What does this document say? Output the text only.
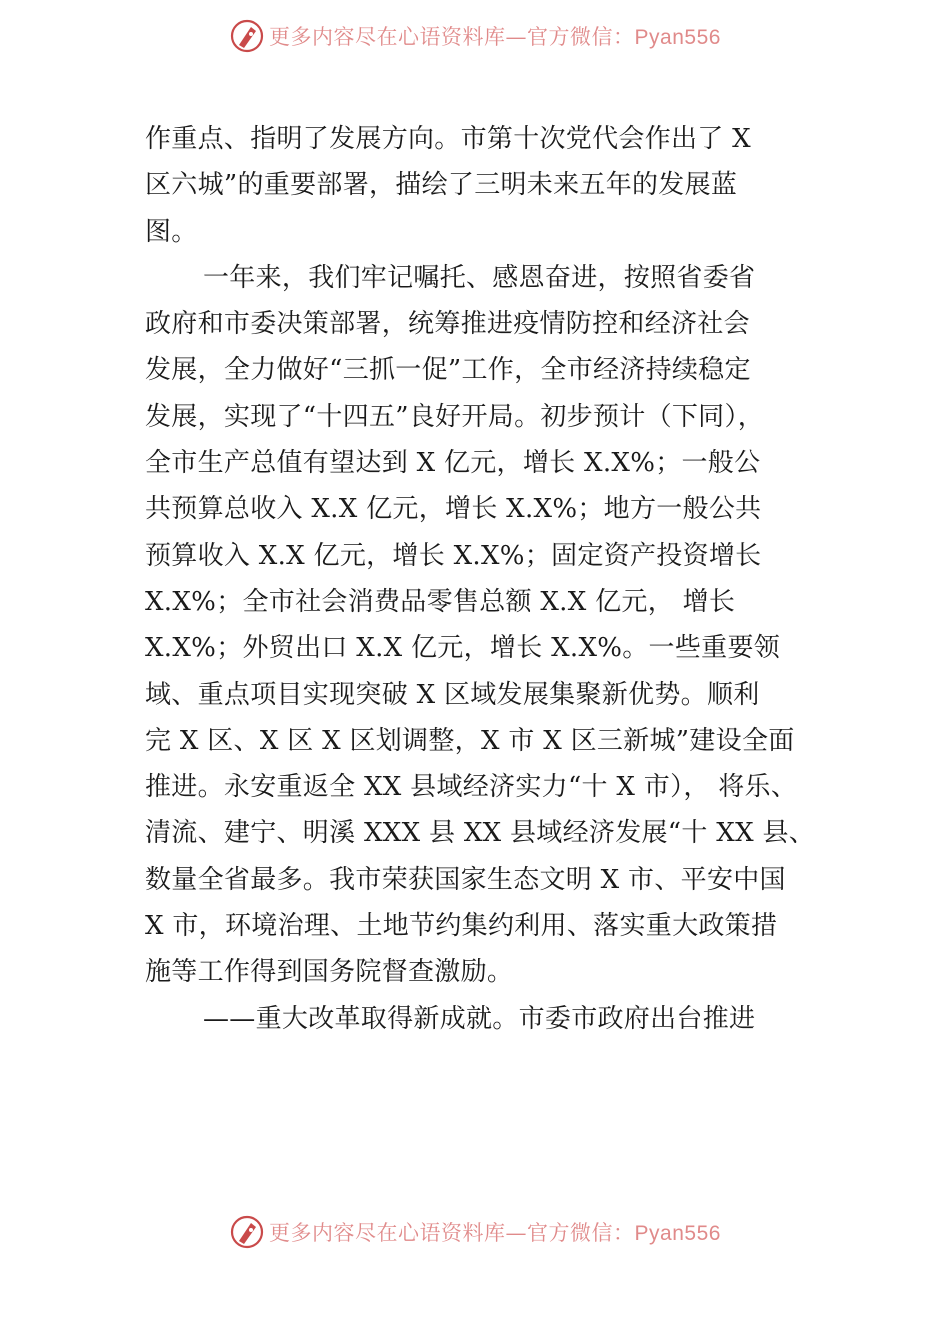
更多内容尽在心语资料库—官方微信：Pyan556

作重点、指明了发展方向。市第十次党代会作出了 X
区六城”的重要部署，描绘了三明未来五年的发展蓝
图。

一年来，我们牢记嘱托、感恩奋进，按照省委省
政府和市委决策部署，统筹推进疫情防控和经济社会
发展，全力做好“三抓一促”工作，全市经济持续稳定
发展，实现了“十四五”良好开局。初步预计（下同），
全市生产总值有望达到 X 亿元，增长 X.X%；一般公
共预算总收入 X.X 亿元，增长 X.X%；地方一般公共
预算收入 X.X 亿元，增长 X.X%；固定资产投资增长
X.X%；全市社会消费品零售总额 X.X 亿元， 增长
X.X%；外贸出口 X.X 亿元，增长 X.X%。一些重要领
域、重点项目实现突破 X 区域发展集聚新优势。顺利
完 X 区、X 区 X 区划调整，X 市 X 区三新城”建设全面
推进。永安重返全 XX 县域经济实力“十 X 市）， 将乐、
清流、建宁、明溪 XXX 县 XX 县域经济发展“十 XX 县、
数量全省最多。我市荣获国家生态文明 X 市、平安中国
X 市，环境治理、土地节约集约利用、落实重大政策措
施等工作得到国务院督查激励。

——重大改革取得新成就。市委市政府出台推进

更多内容尽在心语资料库—官方微信：Pyan556
